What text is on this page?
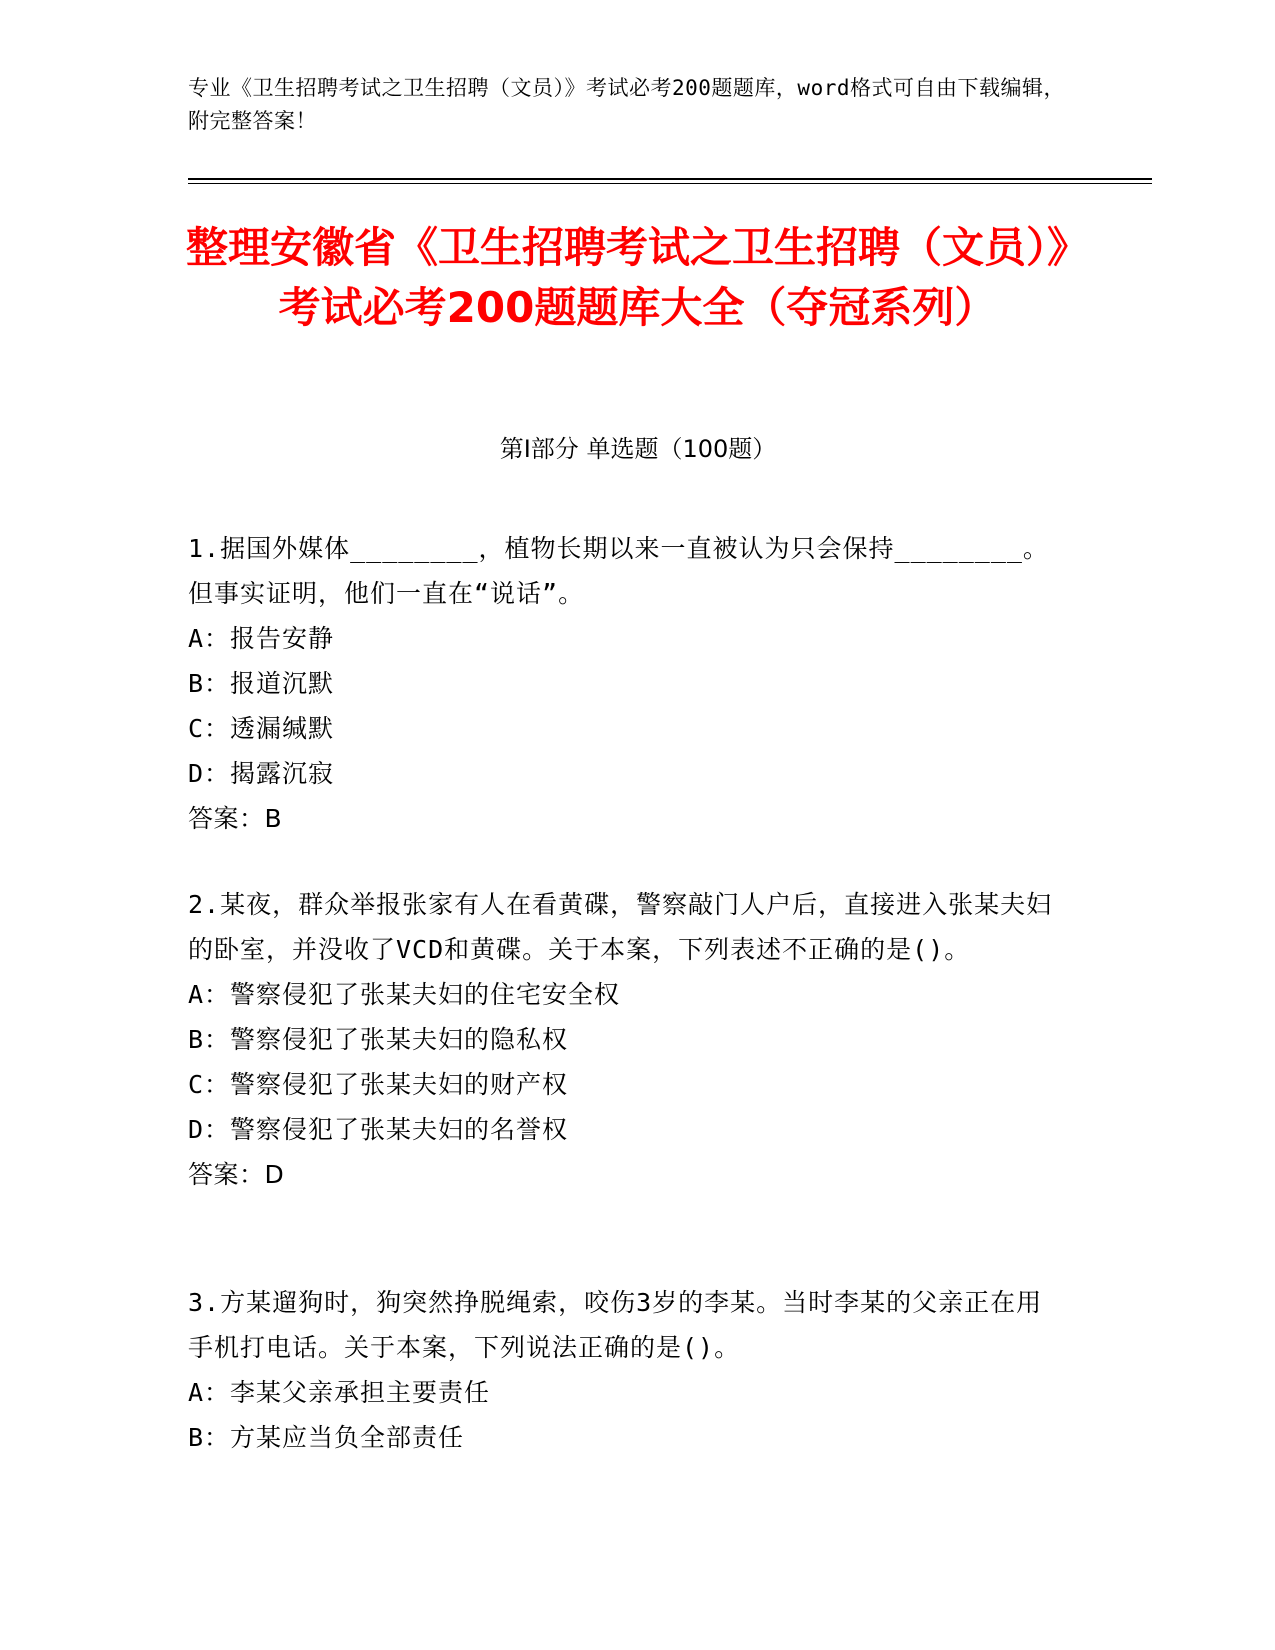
专业《卫生招聘考试之卫生招聘（文员）》考试必考200题题库，word格式可自由下载编辑，附完整答案！
整理安徽省《卫生招聘考试之卫生招聘（文员）》考试必考200题题库大全（夺冠系列）
第I部分 单选题（100题）

1.据国外媒体________，植物长期以来一直被认为只会保持________。但事实证明，他们一直在“说话”。

A：报告安静

B：报道沉默

C：透漏缄默

D：揭露沉寂

答案：B

2.某夜，群众举报张家有人在看黄碟，警察敲门人户后，直接进入张某夫妇的卧室，并没收了VCD和黄碟。关于本案，下列表述不正确的是()。

A：警察侵犯了张某夫妇的住宅安全权

B：警察侵犯了张某夫妇的隐私权

C：警察侵犯了张某夫妇的财产权

D：警察侵犯了张某夫妇的名誉权

答案：D

3.方某遛狗时，狗突然挣脱绳索，咬伤3岁的李某。当时李某的父亲正在用手机打电话。关于本案，下列说法正确的是()。

A：李某父亲承担主要责任

B：方某应当负全部责任
